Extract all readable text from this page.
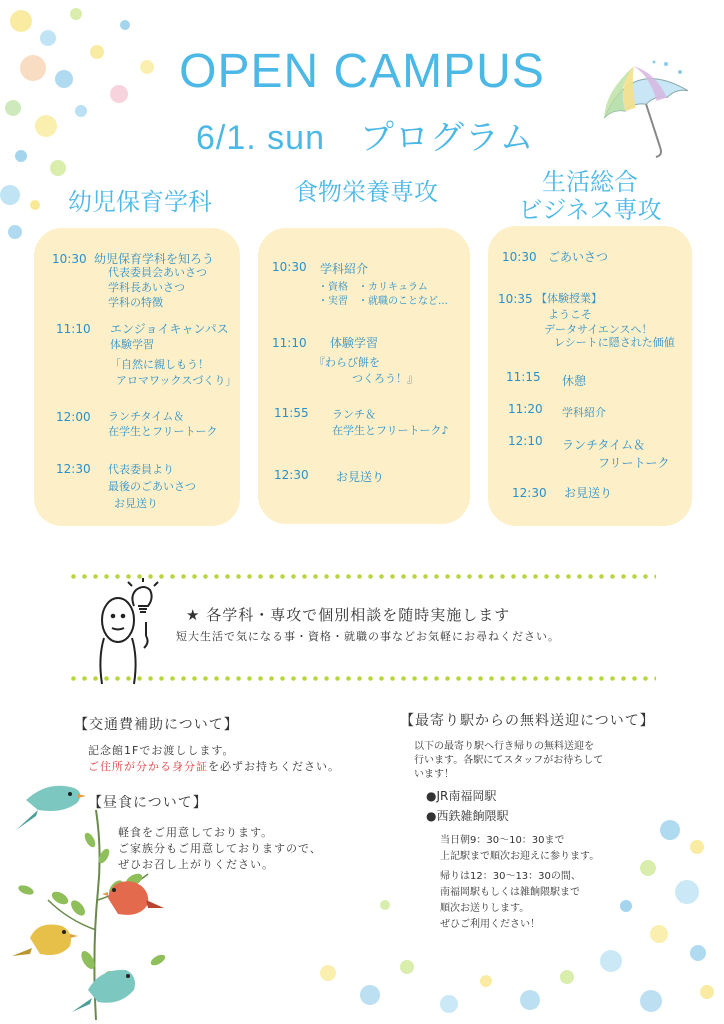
OPEN CAMPUS
6/1. sun　プログラム
幼児保育学科	食物栄養専攻	生活総合
ビジネス専攻
10:30 幼児保育学科を知ろう
代表委員会あいさつ
学科長あいさつ
学科の特徴
11:10 エンジョイキャンパス
体験学習
「自然に親しもう！
アロマワックスづくり」
12:00 ランチタイム＆
在学生とフリートーク
12:30 代表委員より
最後のごあいさつ
お見送り
10:30 学科紹介
・資格　・カリキュラム
・実習　・就職のことなど…
11:10 体験学習
『わらび餅を
つくろう！』
11:55 ランチ＆
在学生とフリートーク♪
12:30 お見送り
10:30 ごあいさつ
10:35 【体験授業】
ようこそ
データサイエンスへ！
レシートに隠された価値
11:15 休憩
11:20 学科紹介
12:10 ランチタイム＆
フリートーク
12:30 お見送り
★ 各学科・専攻で個別相談を随時実施します
短大生活で気になる事・資格・就職の事などお気軽にお尋ねください。
【交通費補助について】
記念館1Fでお渡しします。
ご住所が分かる身分証を必ずお持ちください。
【昼食について】
軽食をご用意しております。
ご家族分もご用意しておりますので、
ぜひお召し上がりください。
【最寄り駅からの無料送迎について】
以下の最寄り駅へ行き帰りの無料送迎を
行います。各駅にてスタッフがお待ちして
います！
●JR南福岡駅
●西鉄雑餉隈駅
当日朝9：30～10：30まで
上記駅まで順次お迎えに参ります。
帰りは12：30～13：30の間、
南福岡駅もしくは雑餉隈駅まで
順次お送りします。
ぜひご利用ください！
